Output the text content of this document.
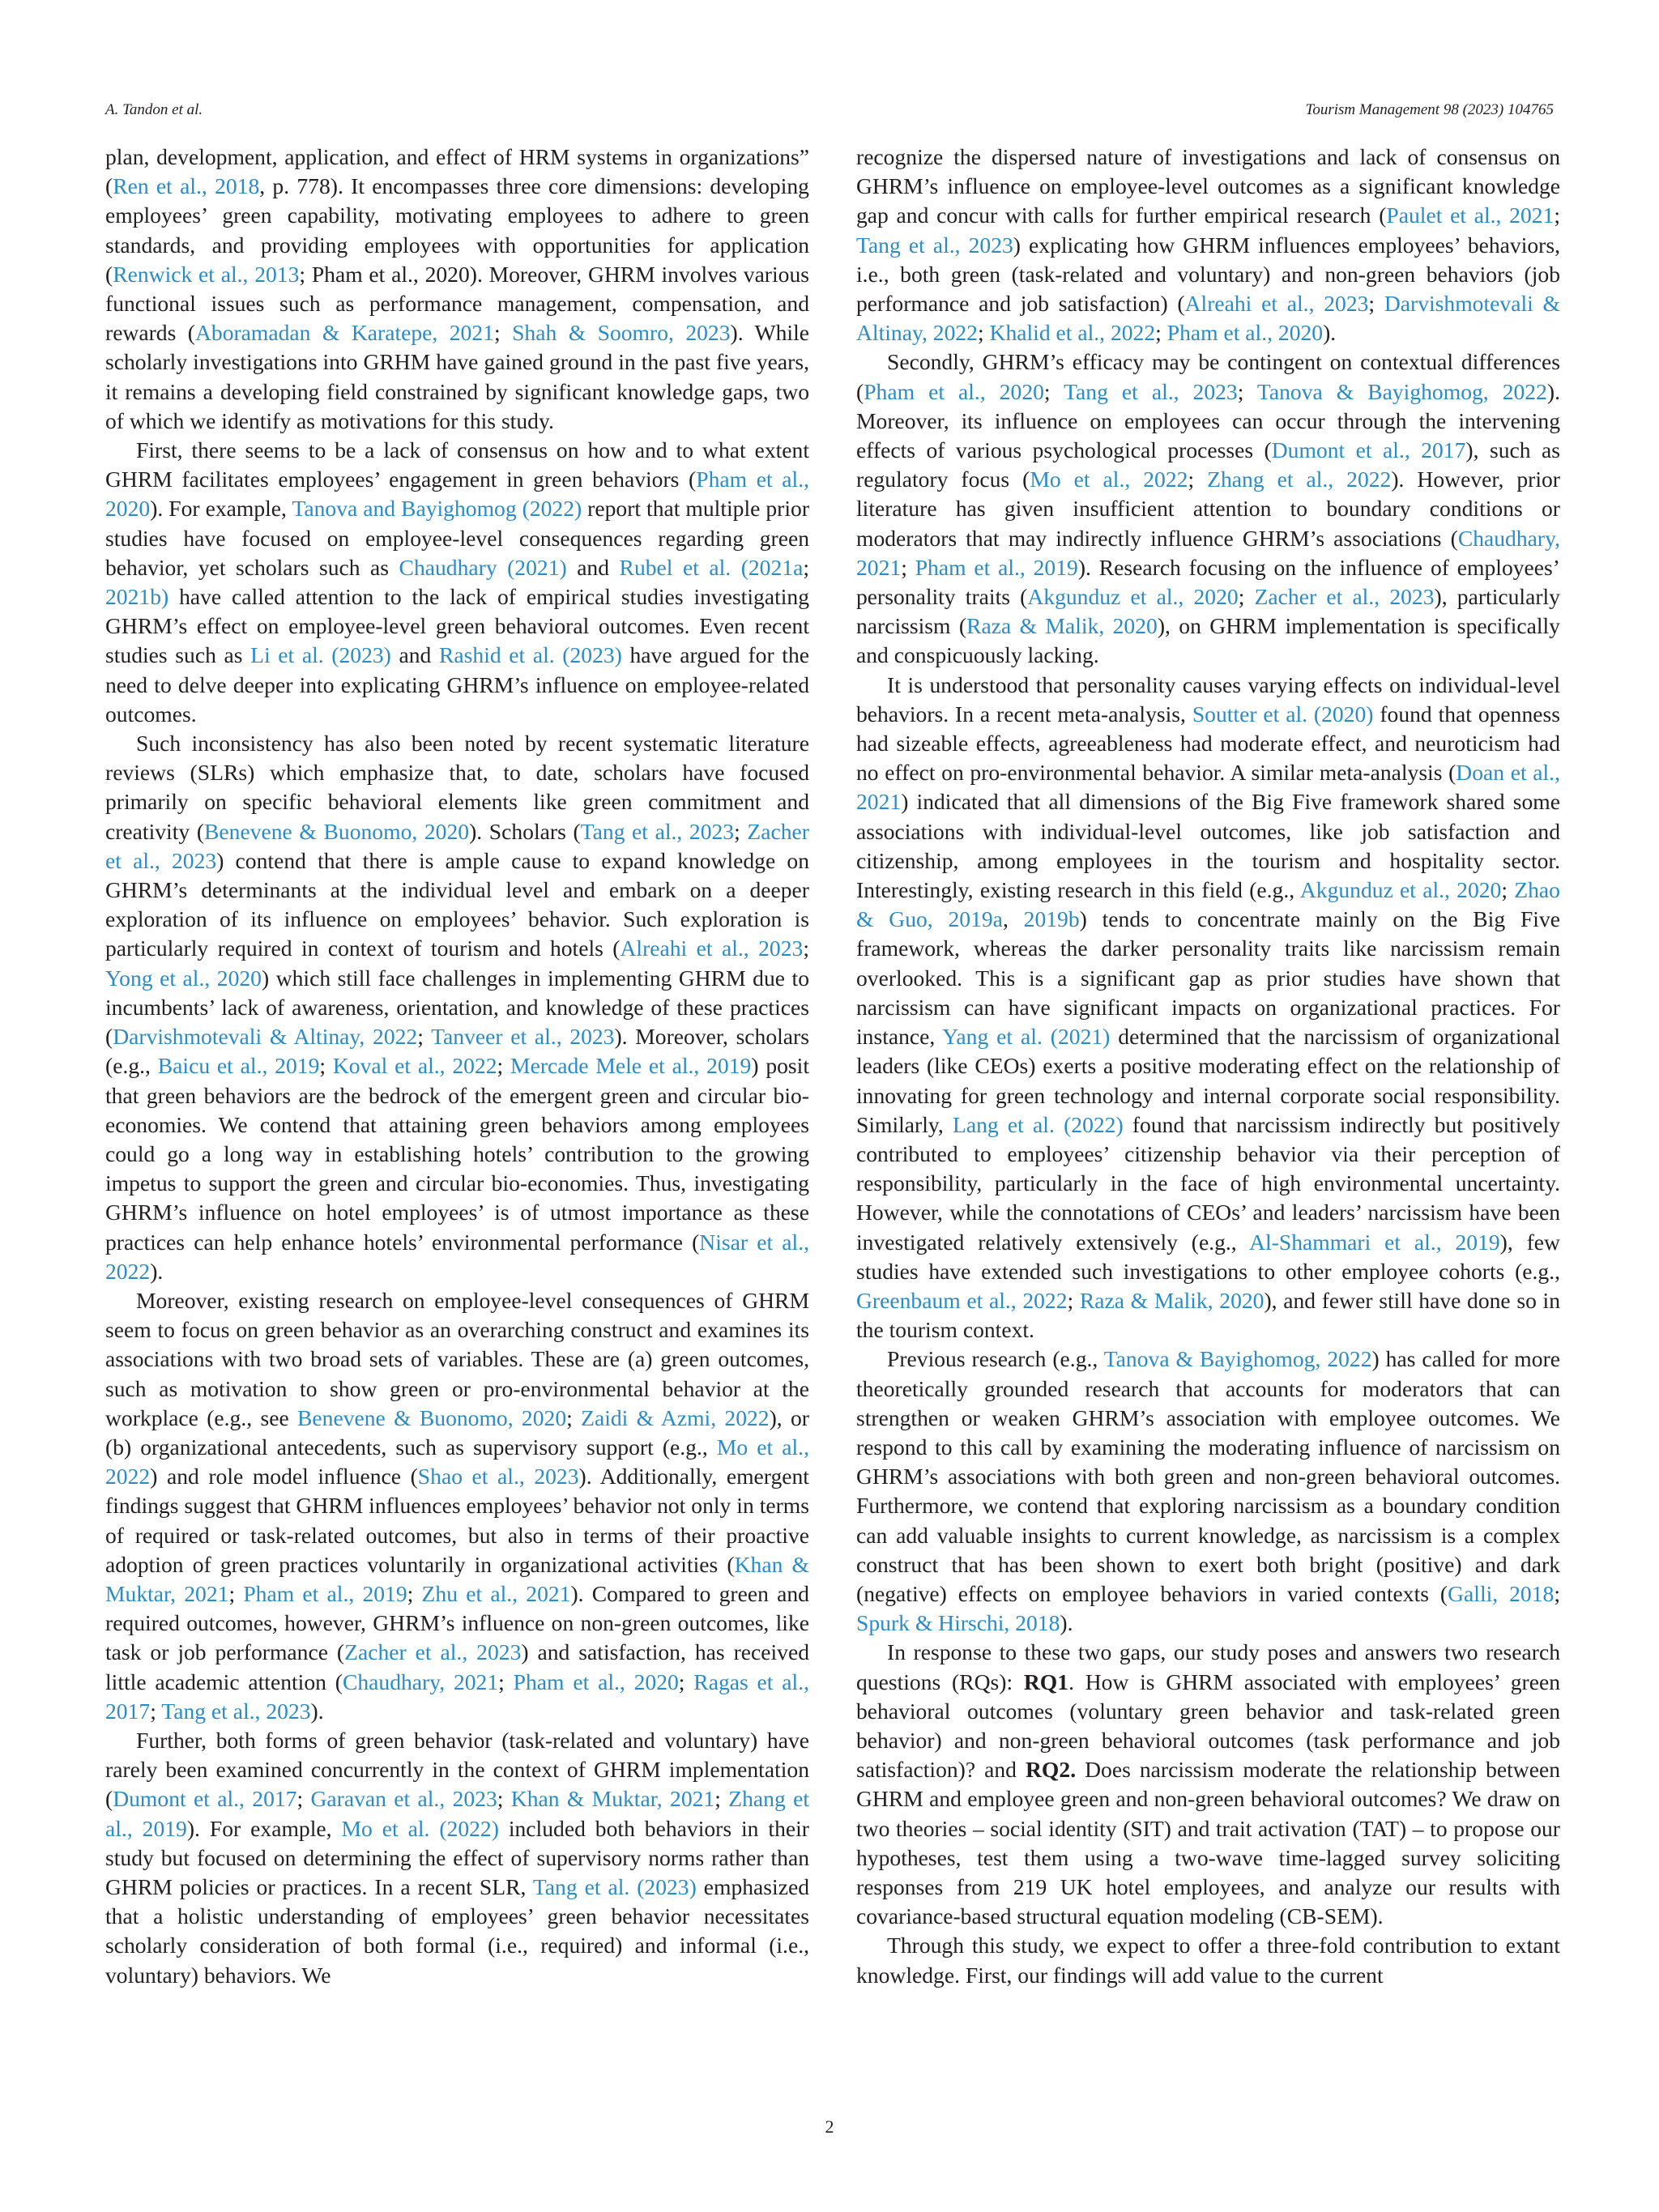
A. Tandon et al.	Tourism Management 98 (2023) 104765

plan, development, application, and effect of HRM systems in organizations” (Ren et al., 2018, p. 778). It encompasses three core dimensions: developing employees’ green capability, motivating employees to adhere to green standards, and providing employees with opportunities for application (Renwick et al., 2013; Pham et al., 2020). Moreover, GHRM involves various functional issues such as performance management, compensation, and rewards (Aboramadan & Karatepe, 2021; Shah & Soomro, 2023). While scholarly investigations into GRHM have gained ground in the past five years, it remains a developing field constrained by significant knowledge gaps, two of which we identify as motivations for this study.

First, there seems to be a lack of consensus on how and to what extent GHRM facilitates employees’ engagement in green behaviors (Pham et al., 2020). For example, Tanova and Bayighomog (2022) report that multiple prior studies have focused on employee-level consequences regarding green behavior, yet scholars such as Chaudhary (2021) and Rubel et al. (2021a; 2021b) have called attention to the lack of empirical studies investigating GHRM’s effect on employee-level green behavioral outcomes. Even recent studies such as Li et al. (2023) and Rashid et al. (2023) have argued for the need to delve deeper into explicating GHRM’s influence on employee-related outcomes.

Such inconsistency has also been noted by recent systematic literature reviews (SLRs) which emphasize that, to date, scholars have focused primarily on specific behavioral elements like green commitment and creativity (Benevene & Buonomo, 2020). Scholars (Tang et al., 2023; Zacher et al., 2023) contend that there is ample cause to expand knowledge on GHRM’s determinants at the individual level and embark on a deeper exploration of its influence on employees’ behavior. Such exploration is particularly required in context of tourism and hotels (Alreahi et al., 2023; Yong et al., 2020) which still face challenges in implementing GHRM due to incumbents’ lack of awareness, orientation, and knowledge of these practices (Darvishmotevali & Altinay, 2022; Tanveer et al., 2023). Moreover, scholars (e.g., Baicu et al., 2019; Koval et al., 2022; Mercade Mele et al., 2019) posit that green behaviors are the bedrock of the emergent green and circular bio-economies. We contend that attaining green behaviors among employees could go a long way in establishing hotels’ contribution to the growing impetus to support the green and circular bio-economies. Thus, investigating GHRM’s influence on hotel employees’ is of utmost importance as these practices can help enhance hotels’ environmental performance (Nisar et al., 2022).

Moreover, existing research on employee-level consequences of GHRM seem to focus on green behavior as an overarching construct and examines its associations with two broad sets of variables. These are (a) green outcomes, such as motivation to show green or pro-environmental behavior at the workplace (e.g., see Benevene & Buonomo, 2020; Zaidi & Azmi, 2022), or (b) organizational antecedents, such as supervisory support (e.g., Mo et al., 2022) and role model influence (Shao et al., 2023). Additionally, emergent findings suggest that GHRM influences employees’ behavior not only in terms of required or task-related outcomes, but also in terms of their proactive adoption of green practices voluntarily in organizational activities (Khan & Muktar, 2021; Pham et al., 2019; Zhu et al., 2021). Compared to green and required outcomes, however, GHRM’s influence on non-green outcomes, like task or job performance (Zacher et al., 2023) and satisfaction, has received little academic attention (Chaudhary, 2021; Pham et al., 2020; Ragas et al., 2017; Tang et al., 2023).

Further, both forms of green behavior (task-related and voluntary) have rarely been examined concurrently in the context of GHRM implementation (Dumont et al., 2017; Garavan et al., 2023; Khan & Muktar, 2021; Zhang et al., 2019). For example, Mo et al. (2022) included both behaviors in their study but focused on determining the effect of supervisory norms rather than GHRM policies or practices. In a recent SLR, Tang et al. (2023) emphasized that a holistic understanding of employees’ green behavior necessitates scholarly consideration of both formal (i.e., required) and informal (i.e., voluntary) behaviors. We

recognize the dispersed nature of investigations and lack of consensus on GHRM’s influence on employee-level outcomes as a significant knowledge gap and concur with calls for further empirical research (Paulet et al., 2021; Tang et al., 2023) explicating how GHRM influences employees’ behaviors, i.e., both green (task-related and voluntary) and non-green behaviors (job performance and job satisfaction) (Alreahi et al., 2023; Darvishmotevali & Altinay, 2022; Khalid et al., 2022; Pham et al., 2020).

Secondly, GHRM’s efficacy may be contingent on contextual differences (Pham et al., 2020; Tang et al., 2023; Tanova & Bayighomog, 2022). Moreover, its influence on employees can occur through the intervening effects of various psychological processes (Dumont et al., 2017), such as regulatory focus (Mo et al., 2022; Zhang et al., 2022). However, prior literature has given insufficient attention to boundary conditions or moderators that may indirectly influence GHRM’s associations (Chaudhary, 2021; Pham et al., 2019). Research focusing on the influence of employees’ personality traits (Akgunduz et al., 2020; Zacher et al., 2023), particularly narcissism (Raza & Malik, 2020), on GHRM implementation is specifically and conspicuously lacking.

It is understood that personality causes varying effects on individual-level behaviors. In a recent meta-analysis, Soutter et al. (2020) found that openness had sizeable effects, agreeableness had moderate effect, and neuroticism had no effect on pro-environmental behavior. A similar meta-analysis (Doan et al., 2021) indicated that all dimensions of the Big Five framework shared some associations with individual-level outcomes, like job satisfaction and citizenship, among employees in the tourism and hospitality sector. Interestingly, existing research in this field (e.g., Akgunduz et al., 2020; Zhao & Guo, 2019a, 2019b) tends to concentrate mainly on the Big Five framework, whereas the darker personality traits like narcissism remain overlooked. This is a significant gap as prior studies have shown that narcissism can have significant impacts on organizational practices. For instance, Yang et al. (2021) determined that the narcissism of organizational leaders (like CEOs) exerts a positive moderating effect on the relationship of innovating for green technology and internal corporate social responsibility. Similarly, Lang et al. (2022) found that narcissism indirectly but positively contributed to employees’ citizenship behavior via their perception of responsibility, particularly in the face of high environmental uncertainty. However, while the connotations of CEOs’ and leaders’ narcissism have been investigated relatively extensively (e.g., Al-Shammari et al., 2019), few studies have extended such investigations to other employee cohorts (e.g., Greenbaum et al., 2022; Raza & Malik, 2020), and fewer still have done so in the tourism context.

Previous research (e.g., Tanova & Bayighomog, 2022) has called for more theoretically grounded research that accounts for moderators that can strengthen or weaken GHRM’s association with employee outcomes. We respond to this call by examining the moderating influence of narcissism on GHRM’s associations with both green and non-green behavioral outcomes. Furthermore, we contend that exploring narcissism as a boundary condition can add valuable insights to current knowledge, as narcissism is a complex construct that has been shown to exert both bright (positive) and dark (negative) effects on employee behaviors in varied contexts (Galli, 2018; Spurk & Hirschi, 2018).

In response to these two gaps, our study poses and answers two research questions (RQs): RQ1. How is GHRM associated with employees’ green behavioral outcomes (voluntary green behavior and task-related green behavior) and non-green behavioral outcomes (task performance and job satisfaction)? and RQ2. Does narcissism moderate the relationship between GHRM and employee green and non-green behavioral outcomes? We draw on two theories – social identity (SIT) and trait activation (TAT) – to propose our hypotheses, test them using a two-wave time-lagged survey soliciting responses from 219 UK hotel employees, and analyze our results with covariance-based structural equation modeling (CB-SEM).

Through this study, we expect to offer a three-fold contribution to extant knowledge. First, our findings will add value to the current

2
